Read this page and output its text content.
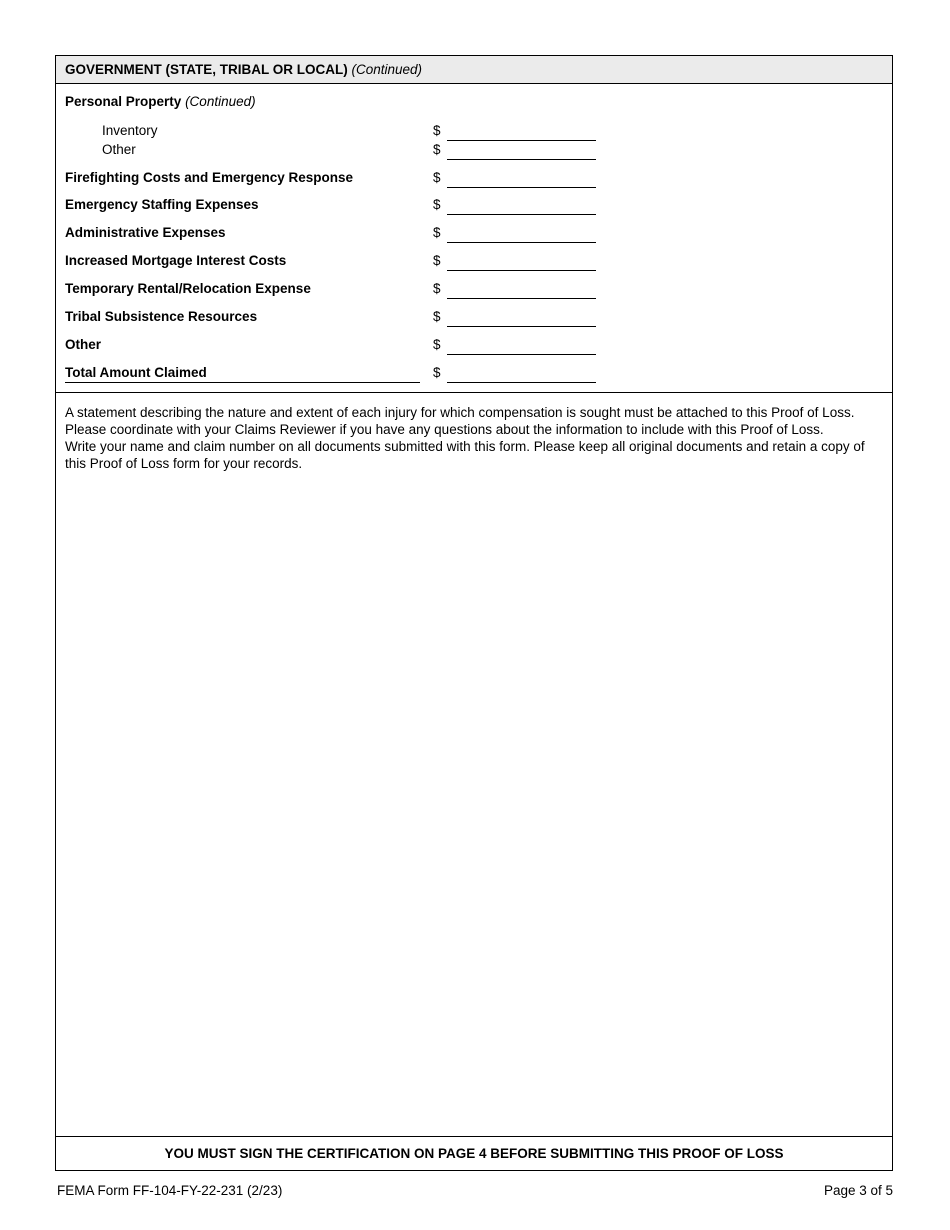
GOVERNMENT (STATE, TRIBAL OR LOCAL) (Continued)
Personal Property (Continued)
Inventory	$
Other	$
Firefighting Costs and Emergency Response	$
Emergency Staffing Expenses	$
Administrative Expenses	$
Increased Mortgage Interest Costs	$
Temporary Rental/Relocation Expense	$
Tribal Subsistence Resources	$
Other	$
Total Amount Claimed	$

A statement describing the nature and extent of each injury for which compensation is sought must be attached to this Proof of Loss.

Please coordinate with your Claims Reviewer if you have any questions about the information to include with this Proof of Loss.

Write your name and claim number on all documents submitted with this form. Please keep all original documents and retain a copy of this Proof of Loss form for your records.

YOU MUST SIGN THE CERTIFICATION ON PAGE 4 BEFORE SUBMITTING THIS PROOF OF LOSS
FEMA Form FF-104-FY-22-231 (2/23)	Page 3 of 5
